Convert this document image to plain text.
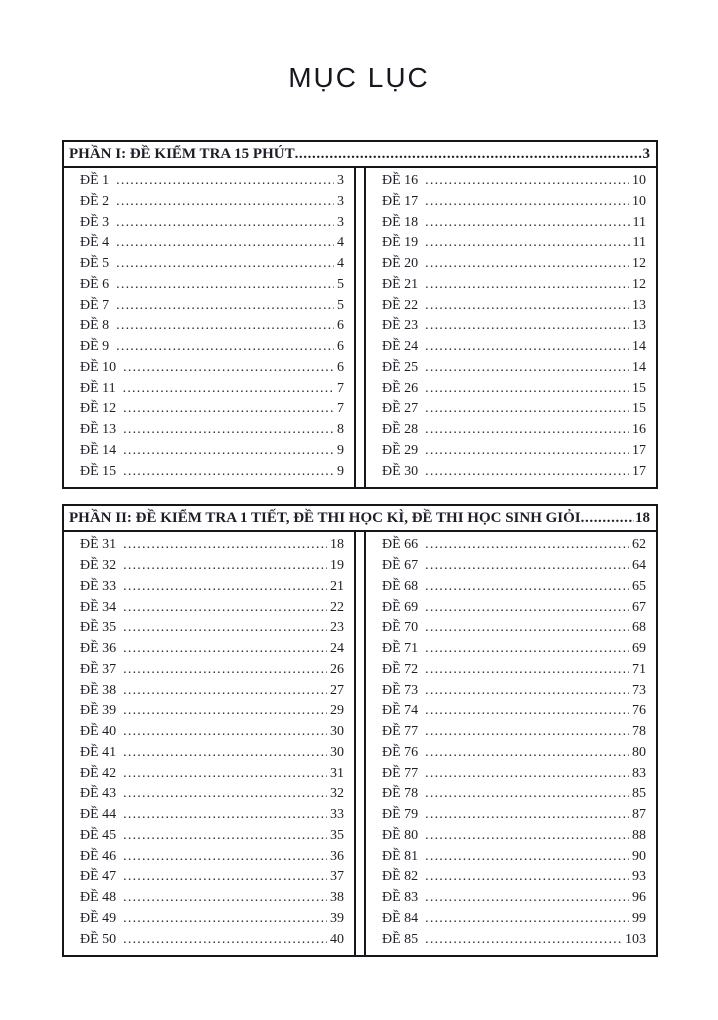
MỤC LỤC
PHẦN I: ĐỀ KIỂM TRA 15 PHÚT .....	3
ĐỀ 1 .....	3
ĐỀ 2 .....	3
ĐỀ 3 .....	3
ĐỀ 4 .....	4
ĐỀ 5 .....	4
ĐỀ 6 .....	5
ĐỀ 7 .....	5
ĐỀ 8 .....	6
ĐỀ 9 .....	6
ĐỀ 10 .....	6
ĐỀ 11 .....	7
ĐỀ 12 .....	7
ĐỀ 13 .....	8
ĐỀ 14 .....	9
ĐỀ 15 .....	9
ĐỀ 16 .....	10
ĐỀ 17 .....	10
ĐỀ 18 .....	11
ĐỀ 19 .....	11
ĐỀ 20 .....	12
ĐỀ 21 .....	12
ĐỀ 22 .....	13
ĐỀ 23 .....	13
ĐỀ 24 .....	14
ĐỀ 25 .....	14
ĐỀ 26 .....	15
ĐỀ 27 .....	15
ĐỀ 28 .....	16
ĐỀ 29 .....	17
ĐỀ 30 .....	17
PHẦN II: ĐỀ KIỂM TRA 1 TIẾT, ĐỀ THI HỌC KÌ, ĐỀ THI HỌC SINH GIỎI .....	18
ĐỀ 31 .....	18
ĐỀ 32 .....	19
ĐỀ 33 .....	21
ĐỀ 34 .....	22
ĐỀ 35 .....	23
ĐỀ 36 .....	24
ĐỀ 37 .....	26
ĐỀ 38 .....	27
ĐỀ 39 .....	29
ĐỀ 40 .....	30
ĐỀ 41 .....	30
ĐỀ 42 .....	31
ĐỀ 43 .....	32
ĐỀ 44 .....	33
ĐỀ 45 .....	35
ĐỀ 46 .....	36
ĐỀ 47 .....	37
ĐỀ 48 .....	38
ĐỀ 49 .....	39
ĐỀ 50 .....	40
ĐỀ 66 .....	62
ĐỀ 67 .....	64
ĐỀ 68 .....	65
ĐỀ 69 .....	67
ĐỀ 70 .....	68
ĐỀ 71 .....	69
ĐỀ 72 .....	71
ĐỀ 73 .....	73
ĐỀ 74 .....	76
ĐỀ 77 .....	78
ĐỀ 76 .....	80
ĐỀ 77 .....	83
ĐỀ 78 .....	85
ĐỀ 79 .....	87
ĐỀ 80 .....	88
ĐỀ 81 .....	90
ĐỀ 82 .....	93
ĐỀ 83 .....	96
ĐỀ 84 .....	99
ĐỀ 85 .....	103
